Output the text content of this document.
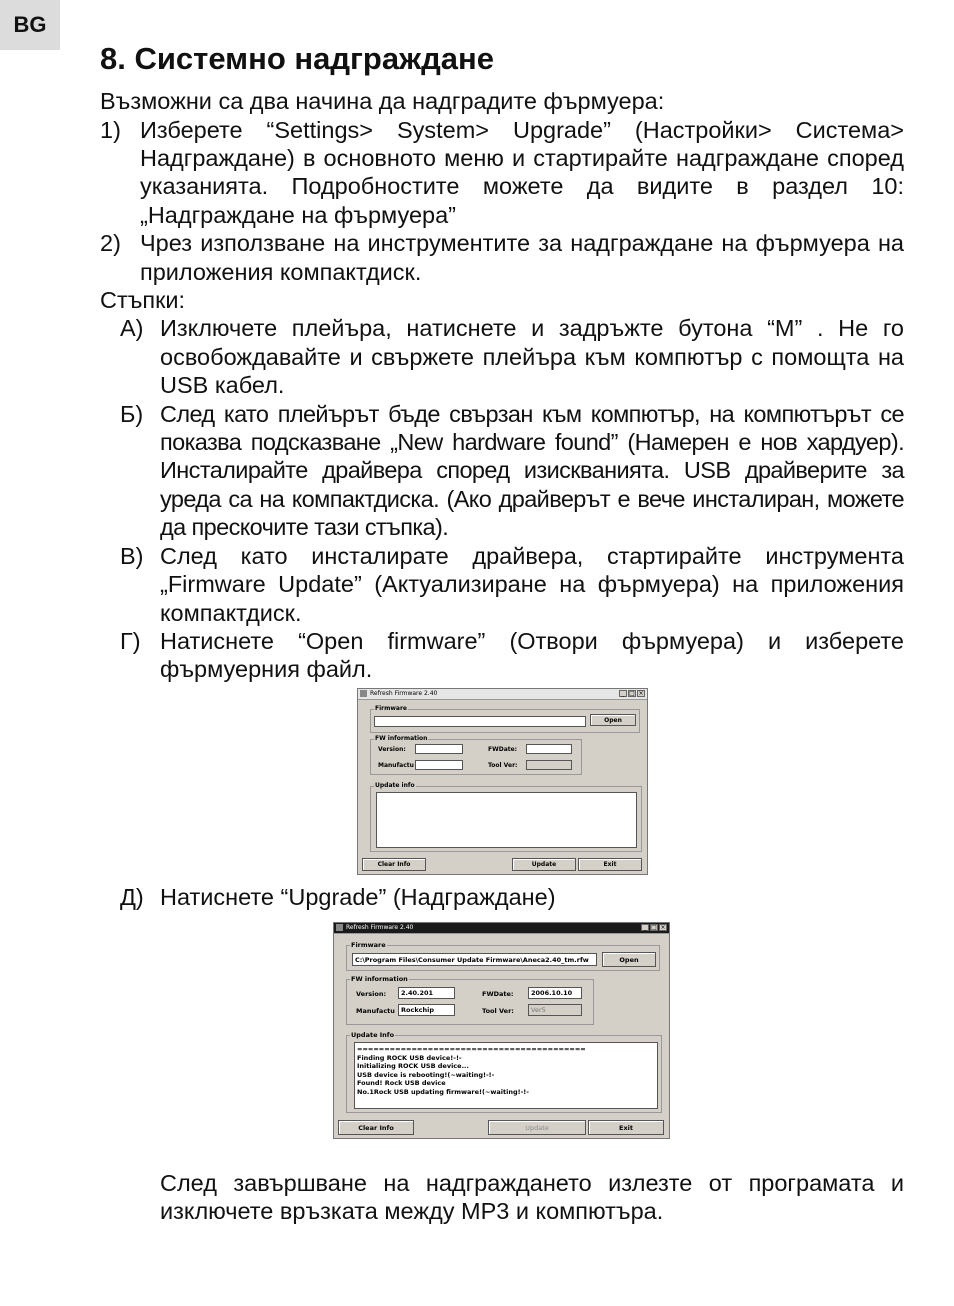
BG
8. Системно надграждане

Възможни са два начина да надградите фърмуера:

1) Изберете “Settings> System> Upgrade” (Настройки> Система> Надграждане) в основното меню и стартирайте надграждане според указанията. Подробностите можете да видите в раздел 10: „Надграждане на фърмуера”
2) Чрез използване на инструментите за надграждане на фърмуера на приложения компактдиск.

Стъпки:

А) Изключете плейъра, натиснете и задръжте бутона “M” . Не го освобождавайте и свържете плейъра към компютър с помощта на USB кабел.
Б) След като плейърът бъде свързан към компютър, на компютърът се показва подсказване „New hardware found” (Намерен е нов хардуер). Инсталирайте драйвера според изискванията. USB драйверите за уреда са на компактдиска. (Ако драйверът е вече инсталиран, можете да прескочите тази стъпка).
В) След като инсталирате драйвера, стартирайте инструмента „Firmware Update” (Актуализиране на фърмуера) на приложения компактдиск.
Г) Натиснете “Open firmware” (Отвори фърмуера) и изберете фърмуерния файл.
Refresh Firmware 2.40	_ □ ×
Firmware
Open
FW information
Version:	FWDate:
Manufactu	Tool Ver:
Update info
Clear Info	Update	Exit
Д) Натиснете “Upgrade” (Надграждане)
Refresh Firmware 2.40	_ □ ×
Firmware
C:\Program Files\Consumer Update Firmware\Aneca2.40_tm.rfw	Open
FW information
Version:	2.40.201	FWDate:	2006.10.10
Manufactu Rockchip	Tool Ver:	Ver5
Update Info
==========================================
Finding ROCK USB device!-!-
Initializing ROCK USB device...
USB device is rebooting!(~waiting!-!-
Found! Rock USB device
No.1Rock USB updating firmware!(~waiting!-!-
Clear Info	Update	Exit

След завършване на надграждането излезте от програмата и изключете връзката между MP3 и компютъра.
